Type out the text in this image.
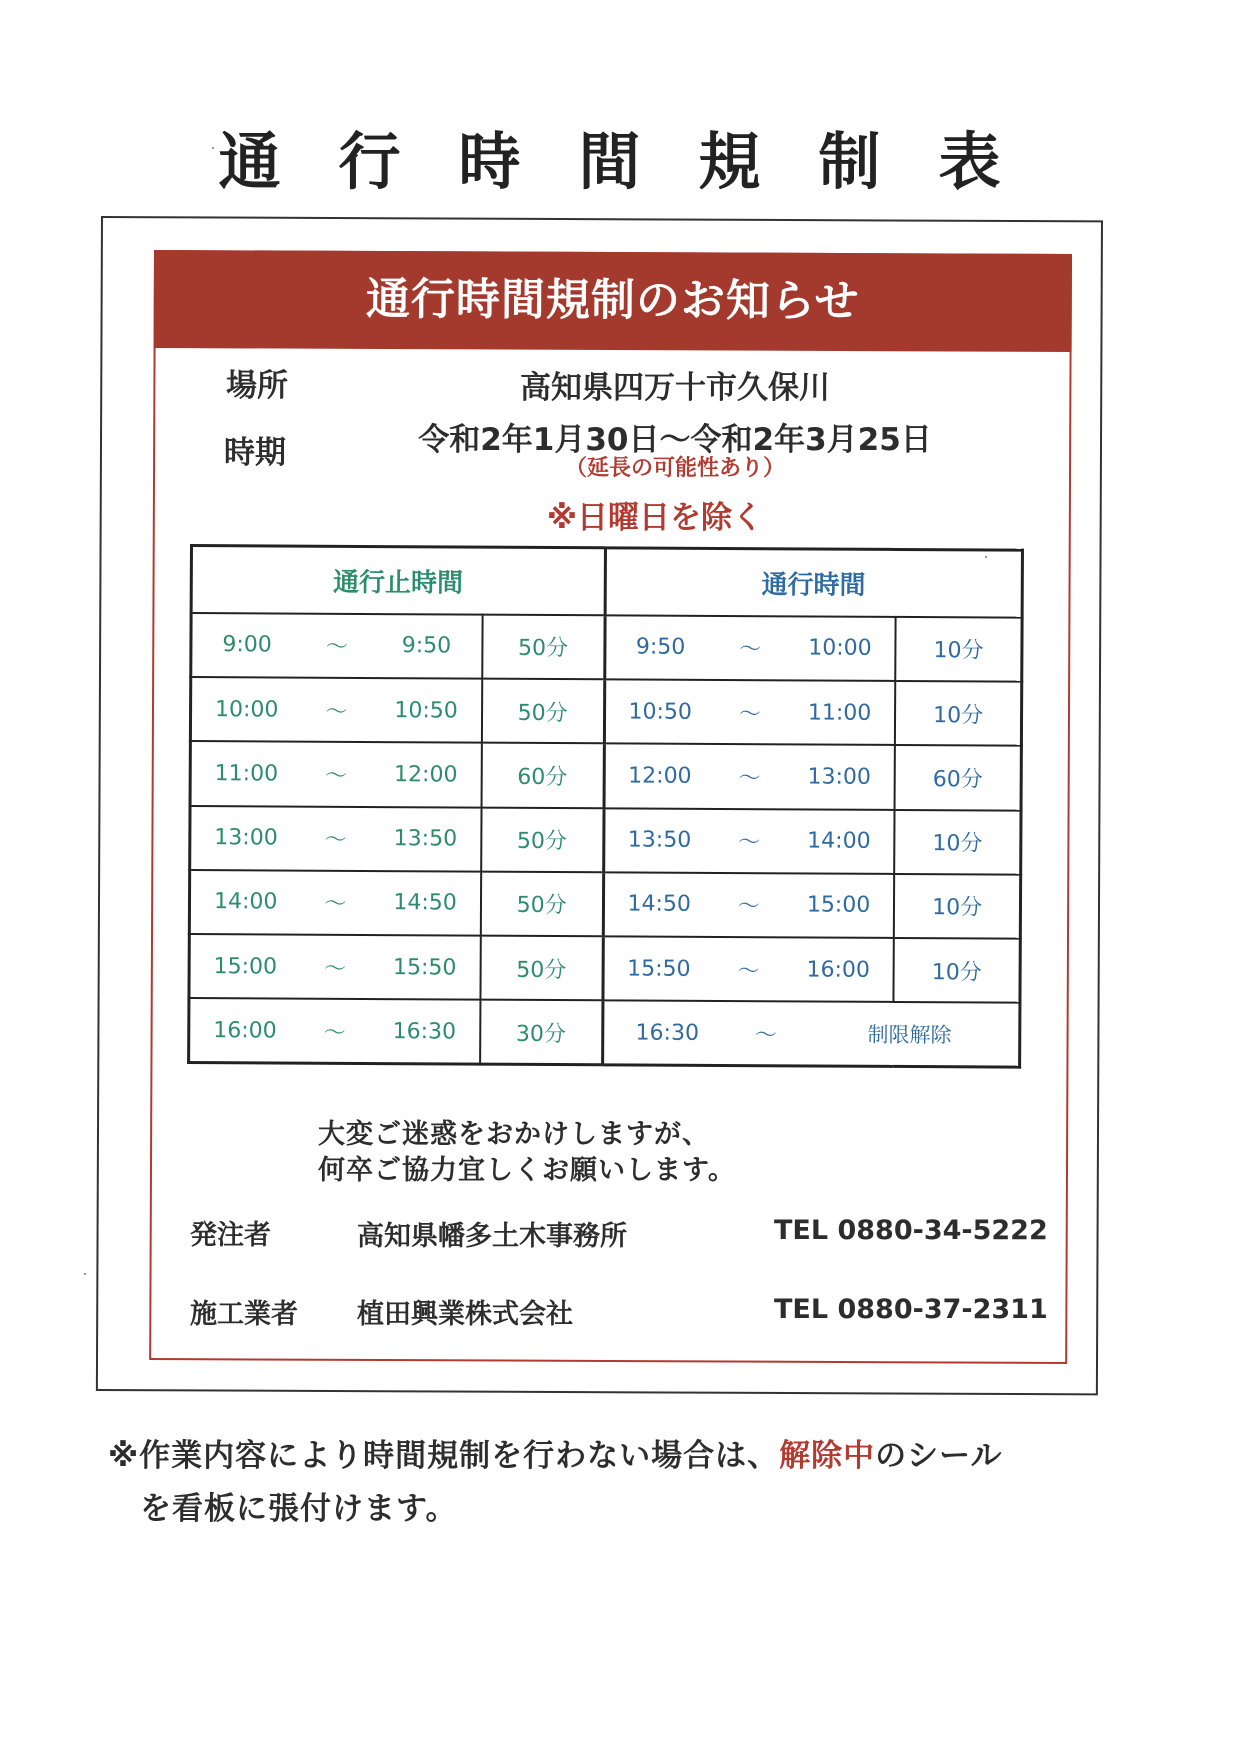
通行時間規制表
通行時間規制のお知らせ
場所	高知県四万十市久保川
時期	令和2年1月30日～令和2年3月25日
（延長の可能性あり）
※日曜日を除く
通行止時間		通行時間	

9:00 ～ 9:50	50分	9:50 ～ 10:00	10分

10:00 ～ 10:50	50分	10:50 ～ 11:00	10分

11:00 ～ 12:00	60分	12:00 ～ 13:00	60分

13:00 ～ 13:50	50分	13:50 ～ 14:00	10分

14:00 ～ 14:50	50分	14:50 ～ 15:00	10分

15:00 ～ 15:50	50分	15:50 ～ 16:00	10分

16:00 ～ 16:30	30分	16:30 ～ 制限解除	
大変ご迷惑をおかけしますが、
何卒ご協力宜しくお願いします。
発注者	高知県幡多土木事務所	TEL 0880-34-5222
施工業者 植田興業株式会社	TEL 0880-37-2311
※作業内容により時間規制を行わない場合は、解除中のシール
を看板に張付けます。
